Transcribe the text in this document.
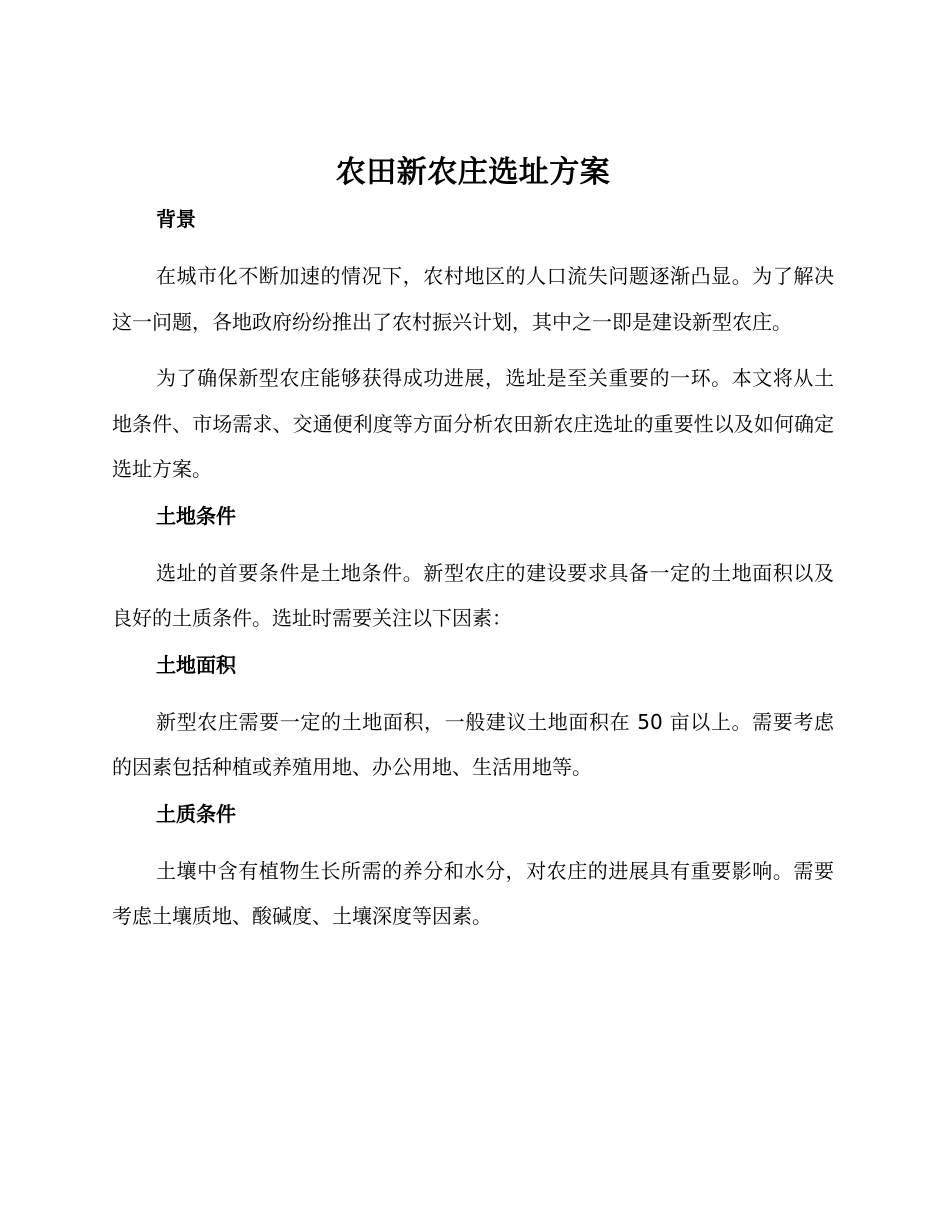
农田新农庄选址方案
背景

在城市化不断加速的情况下，农村地区的人口流失问题逐渐凸显。为了解决这一问题，各地政府纷纷推出了农村振兴计划，其中之一即是建设新型农庄。

为了确保新型农庄能够获得成功进展，选址是至关重要的一环。本文将从土地条件、市场需求、交通便利度等方面分析农田新农庄选址的重要性以及如何确定选址方案。

土地条件

选址的首要条件是土地条件。新型农庄的建设要求具备一定的土地面积以及良好的土质条件。选址时需要关注以下因素：

土地面积

新型农庄需要一定的土地面积，一般建议土地面积在 50 亩以上。需要考虑的因素包括种植或养殖用地、办公用地、生活用地等。

土质条件

土壤中含有植物生长所需的养分和水分，对农庄的进展具有重要影响。需要考虑土壤质地、酸碱度、土壤深度等因素。
